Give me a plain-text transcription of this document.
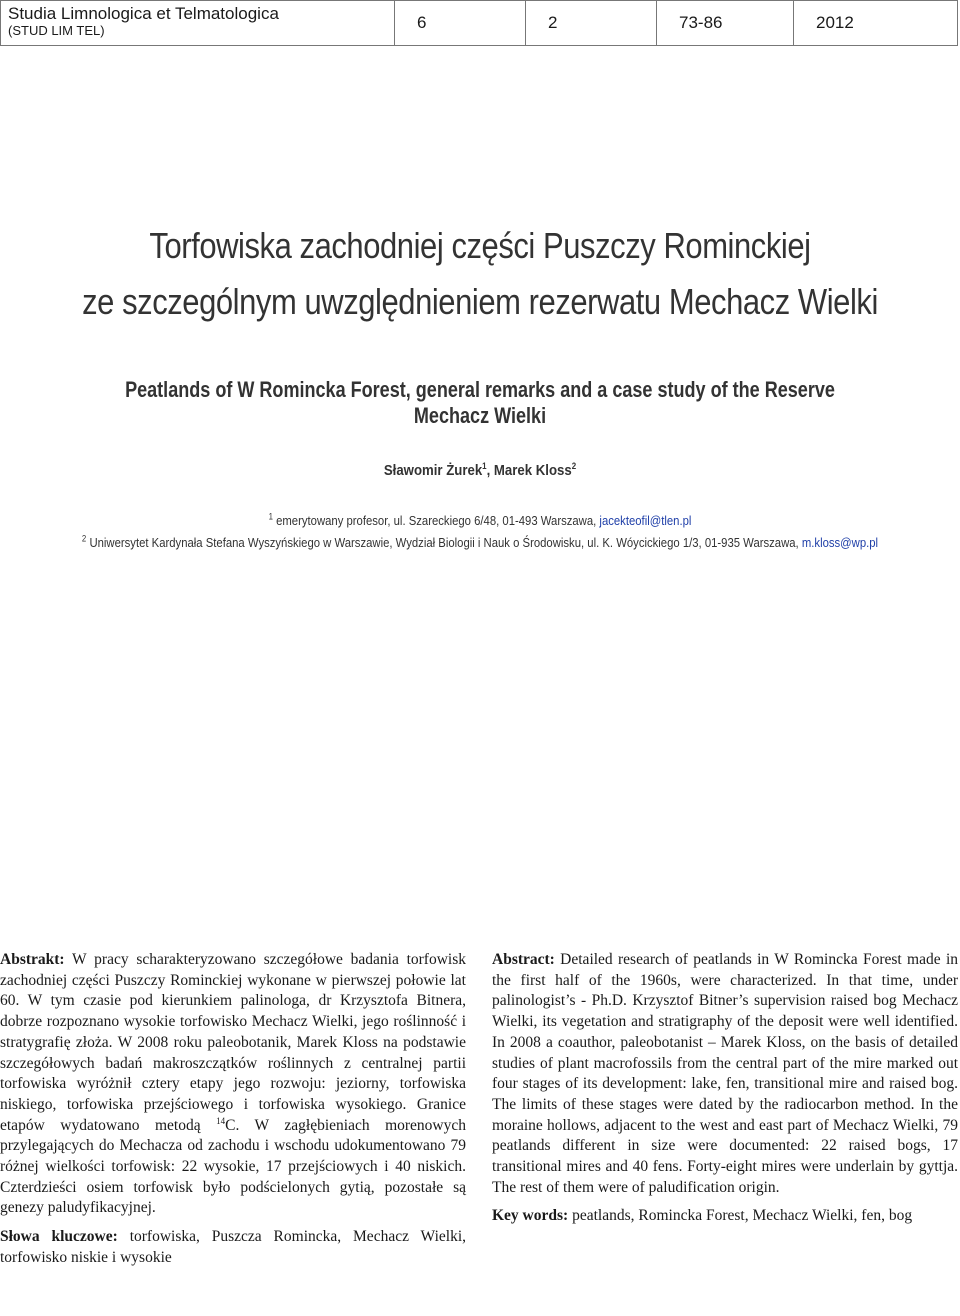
Studia Limnologica et Telmatologica
(STUD LIM TEL)	6	2	73-86	2012
Torfowiska zachodniej części Puszczy Rominckiej
ze szczególnym uwzględnieniem rezerwatu Mechacz Wielki
Peatlands of W Romincka Forest, general remarks and a case study of the Reserve Mechacz Wielki
Sławomir Żurek$^1$, Marek Kloss$^2$
$^1$ emerytowany profesor, ul. Szareckiego 6/48, 01-493 Warszawa, jacekteofil@tlen.pl
$^2$ Uniwersytet Kardynała Stefana Wyszyńskiego w Warszawie, Wydział Biologii i Nauk o Środowisku, ul. K. Wóycickiego 1/3, 01-935 Warszawa, m.kloss@wp.pl

Abstrakt: W pracy scharakteryzowano szczegółowe badania torfowisk zachodniej części Puszczy Rominckiej wykonane w pierwszej połowie lat 60. W tym czasie pod kierunkiem palinologa, dr Krzysztofa Bitnera, dobrze rozpoznano wysokie torfowisko Mechacz Wielki, jego roślinność i stratygrafię złoża. W 2008 roku paleobotanik, Marek Kloss na podstawie szczegółowych badań makroszczątków roślinnych z centralnej partii torfowiska wyróżnił cztery etapy jego rozwoju: jeziorny, torfowiska niskiego, torfowiska przejściowego i torfowiska wysokiego. Granice etapów wydatowano metodą $^{14}$C. W zagłębieniach morenowych przylegających do Mechacza od zachodu i wschodu udokumentowano 79 różnej wielkości torfowisk: 22 wysokie, 17 przejściowych i 40 niskich. Czterdzieści osiem torfowisk było podścielonych gytią, pozostałe są genezy paludyfikacyjnej.

Słowa kluczowe: torfowiska, Puszcza Romincka, Mechacz Wielki, torfowisko niskie i wysokie

Abstract: Detailed research of peatlands in W Romincka Forest made in the first half of the 1960s, were characterized. In that time, under palinologist’s - Ph.D. Krzysztof Bitner’s supervision raised bog Mechacz Wielki, its vegetation and stratigraphy of the deposit were well identified. In 2008 a coauthor, paleobotanist – Marek Kloss, on the basis of detailed studies of plant macrofossils from the central part of the mire marked out four stages of its development: lake, fen, transitional mire and raised bog. The limits of these stages were dated by the radiocarbon method. In the moraine hollows, adjacent to the west and east part of Mechacz Wielki, 79 peatlands different in size were documented: 22 raised bogs, 17 transitional mires and 40 fens. Forty-eight mires were underlain by gyttja. The rest of them were of paludification origin.

Key words: peatlands, Romincka Forest, Mechacz Wielki, fen, bog
